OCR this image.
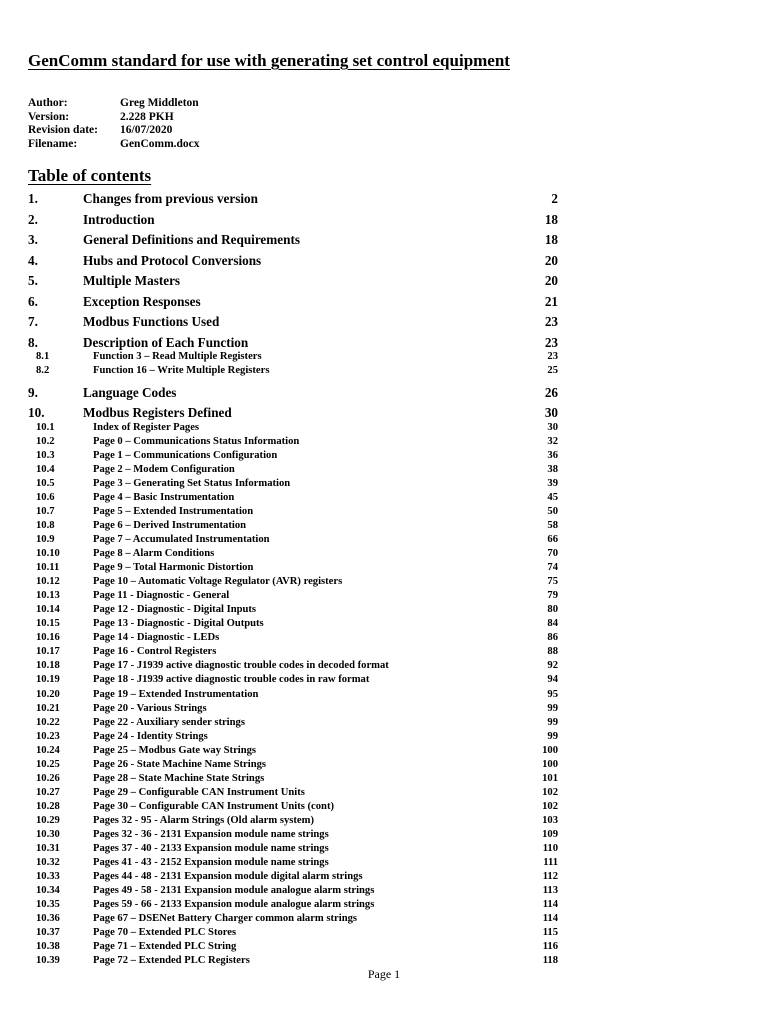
GenComm standard for use with generating set control equipment
Author:	Greg Middleton
Version:	2.228 PKH
Revision date: 16/07/2020
Filename:	GenComm.docx
Table of contents
1.	Changes from previous version	2
2.	Introduction	18
3.	General Definitions and Requirements	18
4.	Hubs and Protocol Conversions	20
5.	Multiple Masters	20
6.	Exception Responses	21
7.	Modbus Functions Used	23
8.	Description of Each Function	23
8.1	Function 3 – Read Multiple Registers	23
8.2	Function 16 – Write Multiple Registers	25
9.	Language Codes	26
10.	Modbus Registers Defined	30
10.1	Index of Register Pages	30
10.2	Page 0 – Communications Status Information	32
10.3	Page 1 – Communications Configuration	36
10.4	Page 2 – Modem Configuration	38
10.5	Page 3 – Generating Set Status Information	39
10.6	Page 4 – Basic Instrumentation	45
10.7	Page 5 – Extended Instrumentation	50
10.8	Page 6 – Derived Instrumentation	58
10.9	Page 7 – Accumulated Instrumentation	66
10.10	Page 8 – Alarm Conditions	70
10.11	Page 9 – Total Harmonic Distortion	74
10.12	Page 10 – Automatic Voltage Regulator (AVR) registers	75
10.13	Page 11 - Diagnostic - General	79
10.14	Page 12 - Diagnostic - Digital Inputs	80
10.15	Page 13 - Diagnostic - Digital Outputs	84
10.16	Page 14 - Diagnostic - LEDs	86
10.17	Page 16 - Control Registers	88
10.18	Page 17 - J1939 active diagnostic trouble codes in decoded format	92
10.19	Page 18 - J1939 active diagnostic trouble codes in raw format	94
10.20	Page 19 – Extended Instrumentation	95
10.21	Page 20 - Various Strings	99
10.22	Page 22 - Auxiliary sender strings	99
10.23	Page 24 - Identity Strings	99
10.24	Page 25 – Modbus Gate way Strings	100
10.25	Page 26 - State Machine Name Strings	100
10.26	Page 28 – State Machine State Strings	101
10.27	Page 29 – Configurable CAN Instrument Units	102
10.28	Page 30 – Configurable CAN Instrument Units (cont)	102
10.29	Pages 32 - 95 - Alarm Strings (Old alarm system)	103
10.30	Pages 32 - 36 - 2131 Expansion module name strings	109
10.31	Pages 37 - 40 - 2133 Expansion module name strings	110
10.32	Pages 41 - 43 - 2152 Expansion module name strings	111
10.33	Pages 44 - 48 - 2131 Expansion module digital alarm strings	112
10.34	Pages 49 - 58 - 2131 Expansion module analogue alarm strings	113
10.35	Pages 59 - 66 - 2133 Expansion module analogue alarm strings	114
10.36	Page 67 – DSENet Battery Charger common alarm strings	114
10.37	Page 70 – Extended PLC Stores	115
10.38	Page 71 – Extended PLC String	116
10.39	Page 72 – Extended PLC Registers	118
Page 1
